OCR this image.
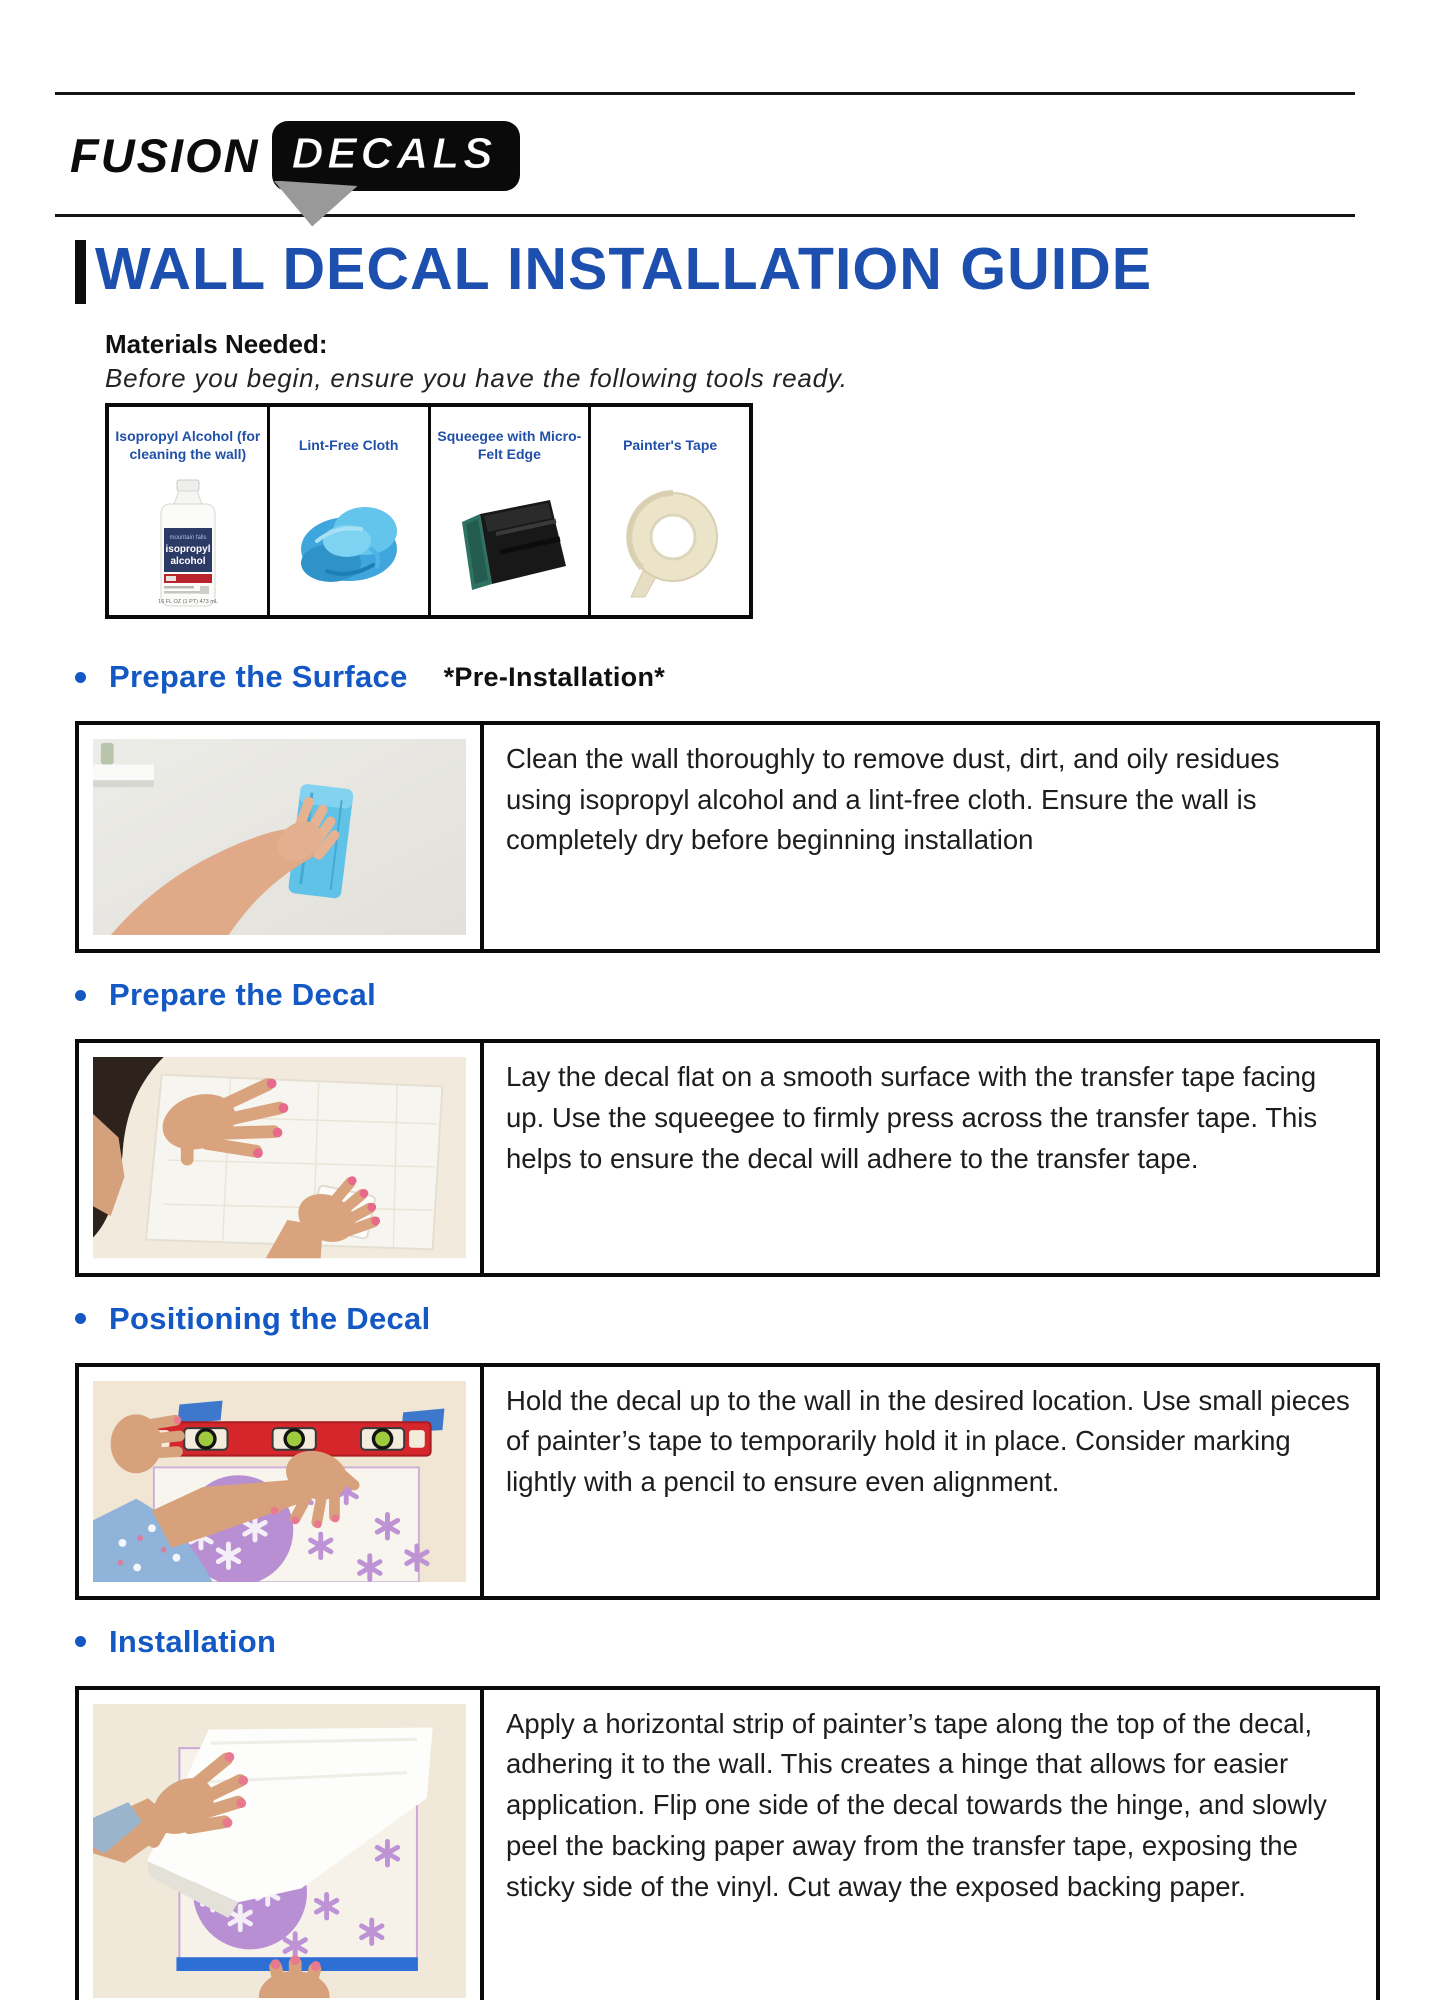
FUSION DECALS
WALL DECAL INSTALLATION GUIDE
Materials Needed:
Before you begin, ensure you have the following tools ready.
Isopropyl Alcohol (for cleaning the wall)
mountain falls
isopropyl
alcohol
16 FL OZ (1 PT) 473 mL
Lint-Free Cloth
Squeegee with Micro-Felt Edge
Painter's Tape
Prepare the Surface *Pre-Installation*
Clean the wall thoroughly to remove dust, dirt, and oily residues using isopropyl alcohol and a lint-free cloth. Ensure the wall is completely dry before beginning installation
Prepare the Decal
Lay the decal flat on a smooth surface with the transfer tape facing up. Use the squeegee to firmly press across the transfer tape. This helps to ensure the decal will adhere to the transfer tape.
Positioning the Decal
Hold the decal up to the wall in the desired location. Use small pieces of painter’s tape to temporarily hold it in place. Consider marking lightly with a pencil to ensure even alignment.
Installation
Apply a horizontal strip of painter’s tape along the top of the decal, adhering it to the wall. This creates a hinge that allows for easier application. Flip one side of the decal towards the hinge, and slowly peel the backing paper away from the transfer tape, exposing the sticky side of the vinyl. Cut away the exposed backing paper.
